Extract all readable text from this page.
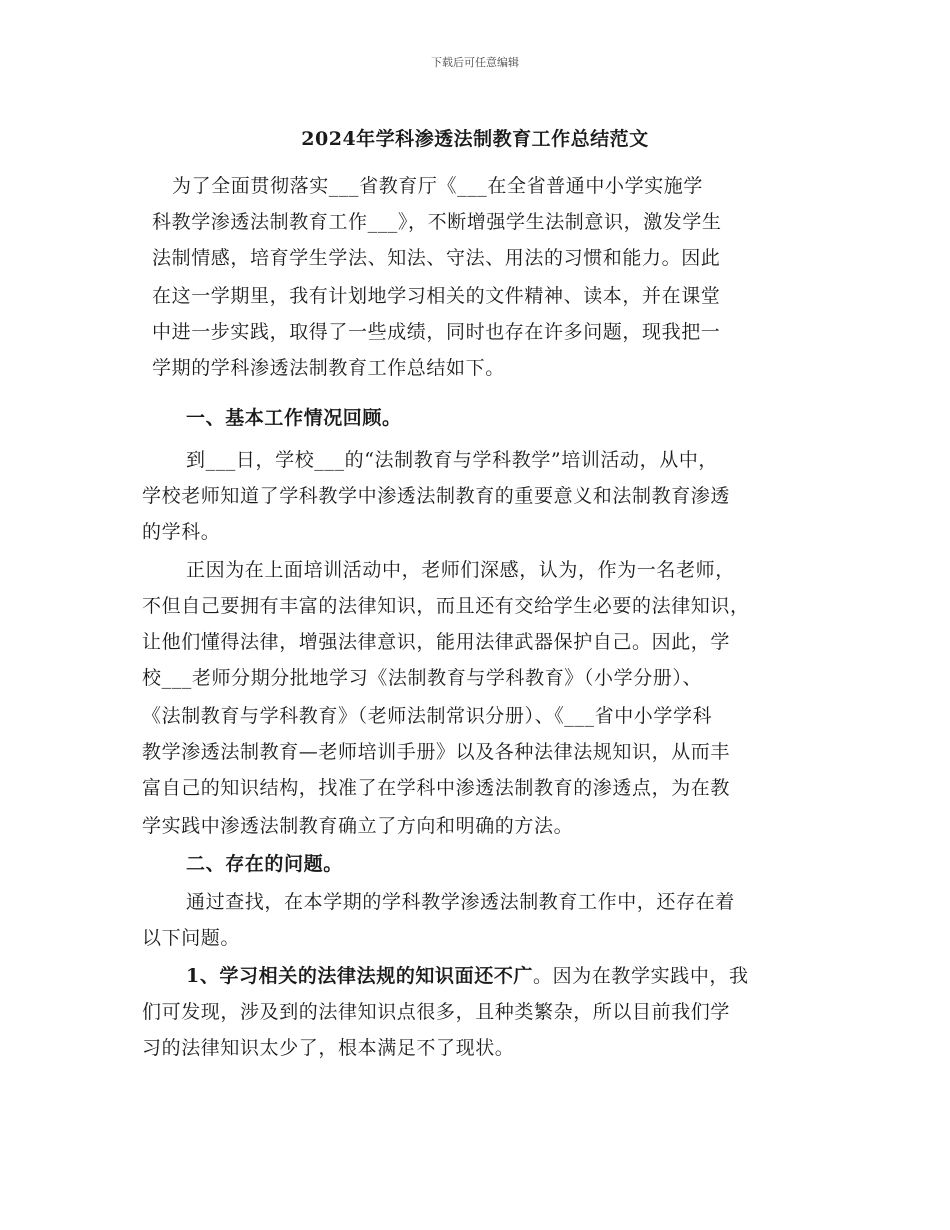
下载后可任意编辑
2024年学科渗透法制教育工作总结范文
为了全面贯彻落实___省教育厅《___在全省普通中小学实施学
科教学渗透法制教育工作___》，不断增强学生法制意识，激发学生
法制情感，培育学生学法、知法、守法、用法的习惯和能力。因此
在这一学期里，我有计划地学习相关的文件精神、读本，并在课堂
中进一步实践，取得了一些成绩，同时也存在许多问题，现我把一
学期的学科渗透法制教育工作总结如下。
一、基本工作情况回顾。
到___日，学校___的“法制教育与学科教学”培训活动，从中，
学校老师知道了学科教学中渗透法制教育的重要意义和法制教育渗透
的学科。
正因为在上面培训活动中，老师们深感，认为，作为一名老师，
不但自己要拥有丰富的法律知识，而且还有交给学生必要的法律知识，
让他们懂得法律，增强法律意识，能用法律武器保护自己。因此，学
校___老师分期分批地学习《法制教育与学科教育》（小学分册）、
《法制教育与学科教育》（老师法制常识分册）、《___省中小学学科
教学渗透法制教育—老师培训手册》以及各种法律法规知识，从而丰
富自己的知识结构，找准了在学科中渗透法制教育的渗透点，为在教
学实践中渗透法制教育确立了方向和明确的方法。
二、存在的问题。
通过查找，在本学期的学科教学渗透法制教育工作中，还存在着
以下问题。
1、学习相关的法律法规的知识面还不广。因为在教学实践中，我
们可发现，涉及到的法律知识点很多，且种类繁杂，所以目前我们学
习的法律知识太少了，根本满足不了现状。
